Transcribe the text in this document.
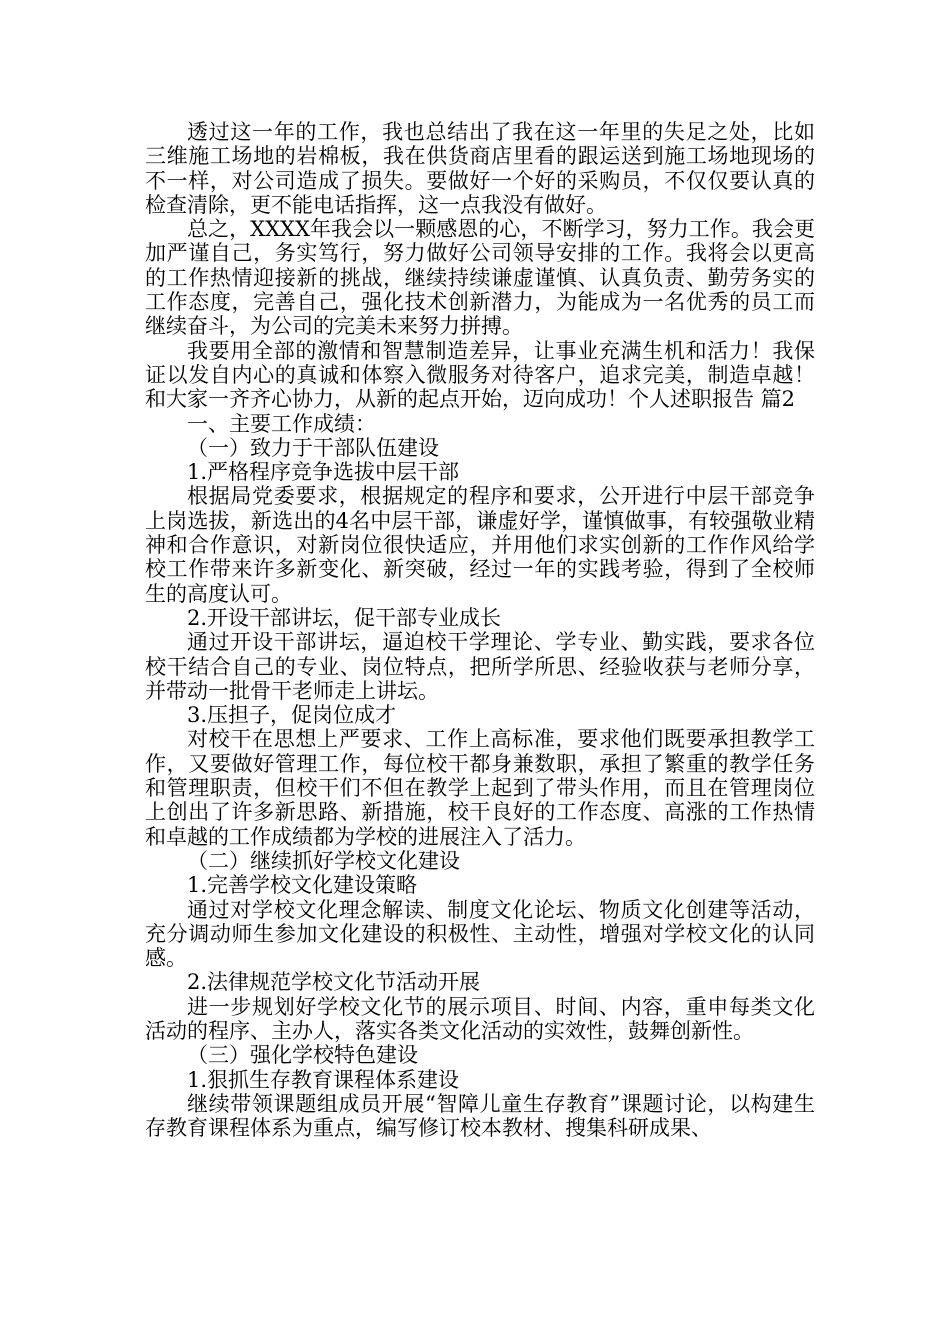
透过这一年的工作，我也总结出了我在这一年里的失足之处，比如三维施工场地的岩棉板，我在供货商店里看的跟运送到施工场地现场的不一样，对公司造成了损失。要做好一个好的采购员，不仅仅要认真的检查清除，更不能电话指挥，这一点我没有做好。

总之，XXXX年我会以一颗感恩的心，不断学习，努力工作。我会更加严谨自己，务实笃行，努力做好公司领导安排的工作。我将会以更高的工作热情迎接新的挑战，继续持续谦虚谨慎、认真负责、勤劳务实的工作态度，完善自己，强化技术创新潜力，为能成为一名优秀的员工而继续奋斗，为公司的完美未来努力拼搏。

我要用全部的激情和智慧制造差异，让事业充满生机和活力！我保证以发自内心的真诚和体察入微服务对待客户，追求完美，制造卓越！和大家一齐齐心协力，从新的起点开始，迈向成功！个人述职报告 篇2

一、主要工作成绩：

（一）致力于干部队伍建设

1.严格程序竞争选拔中层干部

根据局党委要求，根据规定的程序和要求，公开进行中层干部竞争上岗选拔，新选出的4名中层干部，谦虚好学，谨慎做事，有较强敬业精神和合作意识，对新岗位很快适应，并用他们求实创新的工作作风给学校工作带来许多新变化、新突破，经过一年的实践考验，得到了全校师生的高度认可。

2.开设干部讲坛，促干部专业成长

通过开设干部讲坛，逼迫校干学理论、学专业、勤实践，要求各位校干结合自己的专业、岗位特点，把所学所思、经验收获与老师分享，并带动一批骨干老师走上讲坛。

3.压担子，促岗位成才

对校干在思想上严要求、工作上高标准，要求他们既要承担教学工作，又要做好管理工作，每位校干都身兼数职，承担了繁重的教学任务和管理职责，但校干们不但在教学上起到了带头作用，而且在管理岗位上创出了许多新思路、新措施，校干良好的工作态度、高涨的工作热情和卓越的工作成绩都为学校的进展注入了活力。

（二）继续抓好学校文化建设

1.完善学校文化建设策略

通过对学校文化理念解读、制度文化论坛、物质文化创建等活动，充分调动师生参加文化建设的积极性、主动性，增强对学校文化的认同感。

2.法律规范学校文化节活动开展

进一步规划好学校文化节的展示项目、时间、内容，重申每类文化活动的程序、主办人，落实各类文化活动的实效性，鼓舞创新性。

（三）强化学校特色建设

1.狠抓生存教育课程体系建设

继续带领课题组成员开展“智障儿童生存教育”课题讨论，以构建生存教育课程体系为重点，编写修订校本教材、搜集科研成果、
